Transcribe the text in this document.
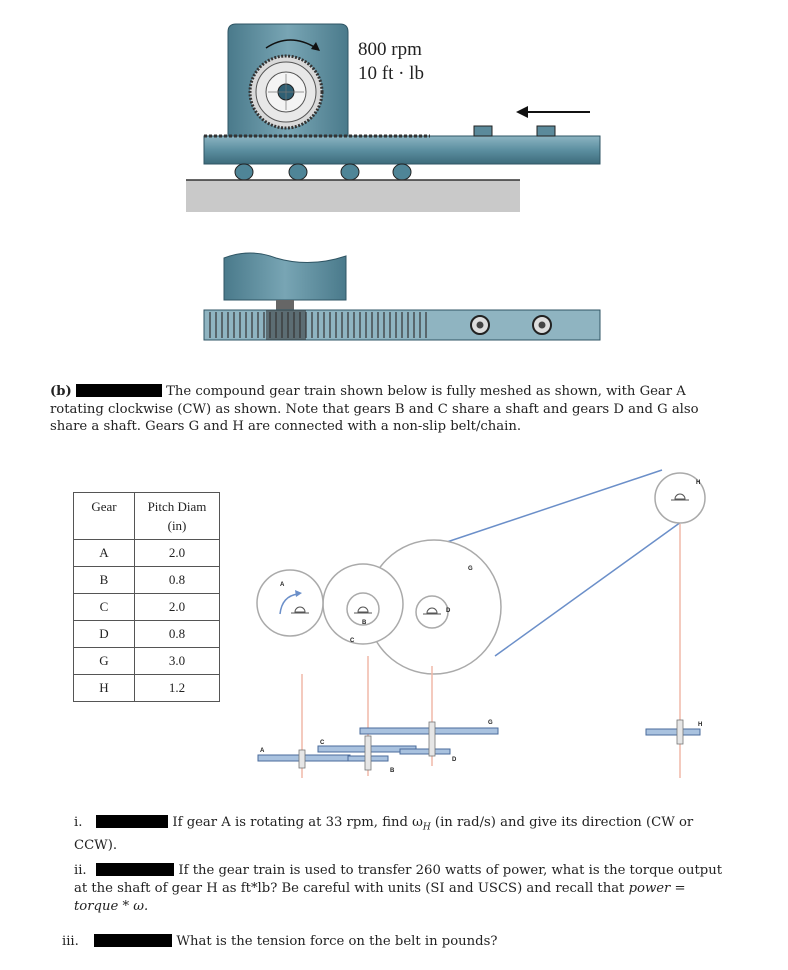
800 rpm
10 ft · lb
(b)	The compound gear train shown below is fully meshed as shown, with Gear A rotating clockwise (CW) as shown. Note that gears B and C share a shaft and gears D and G also share a shaft. Gears G and H are connected with a non-slip belt/chain.
Gear	Pitch Diam (in)
A	2.0
B	0.8
C	2.0
D	0.8
G	3.0
H	1.2
A
B
C
D
G
H
A
C
B
D
G	H
i.	If gear A is rotating at 33 rpm, find $\omega_H$ (in rad/s) and give its direction (CW or CCW).
ii.	If the gear train is used to transfer 260 watts of power, what is the torque output at the shaft of gear H as ft*lb? Be careful with units (SI and USCS) and recall that power = torque * ω.
iii.	What is the tension force on the belt in pounds?
